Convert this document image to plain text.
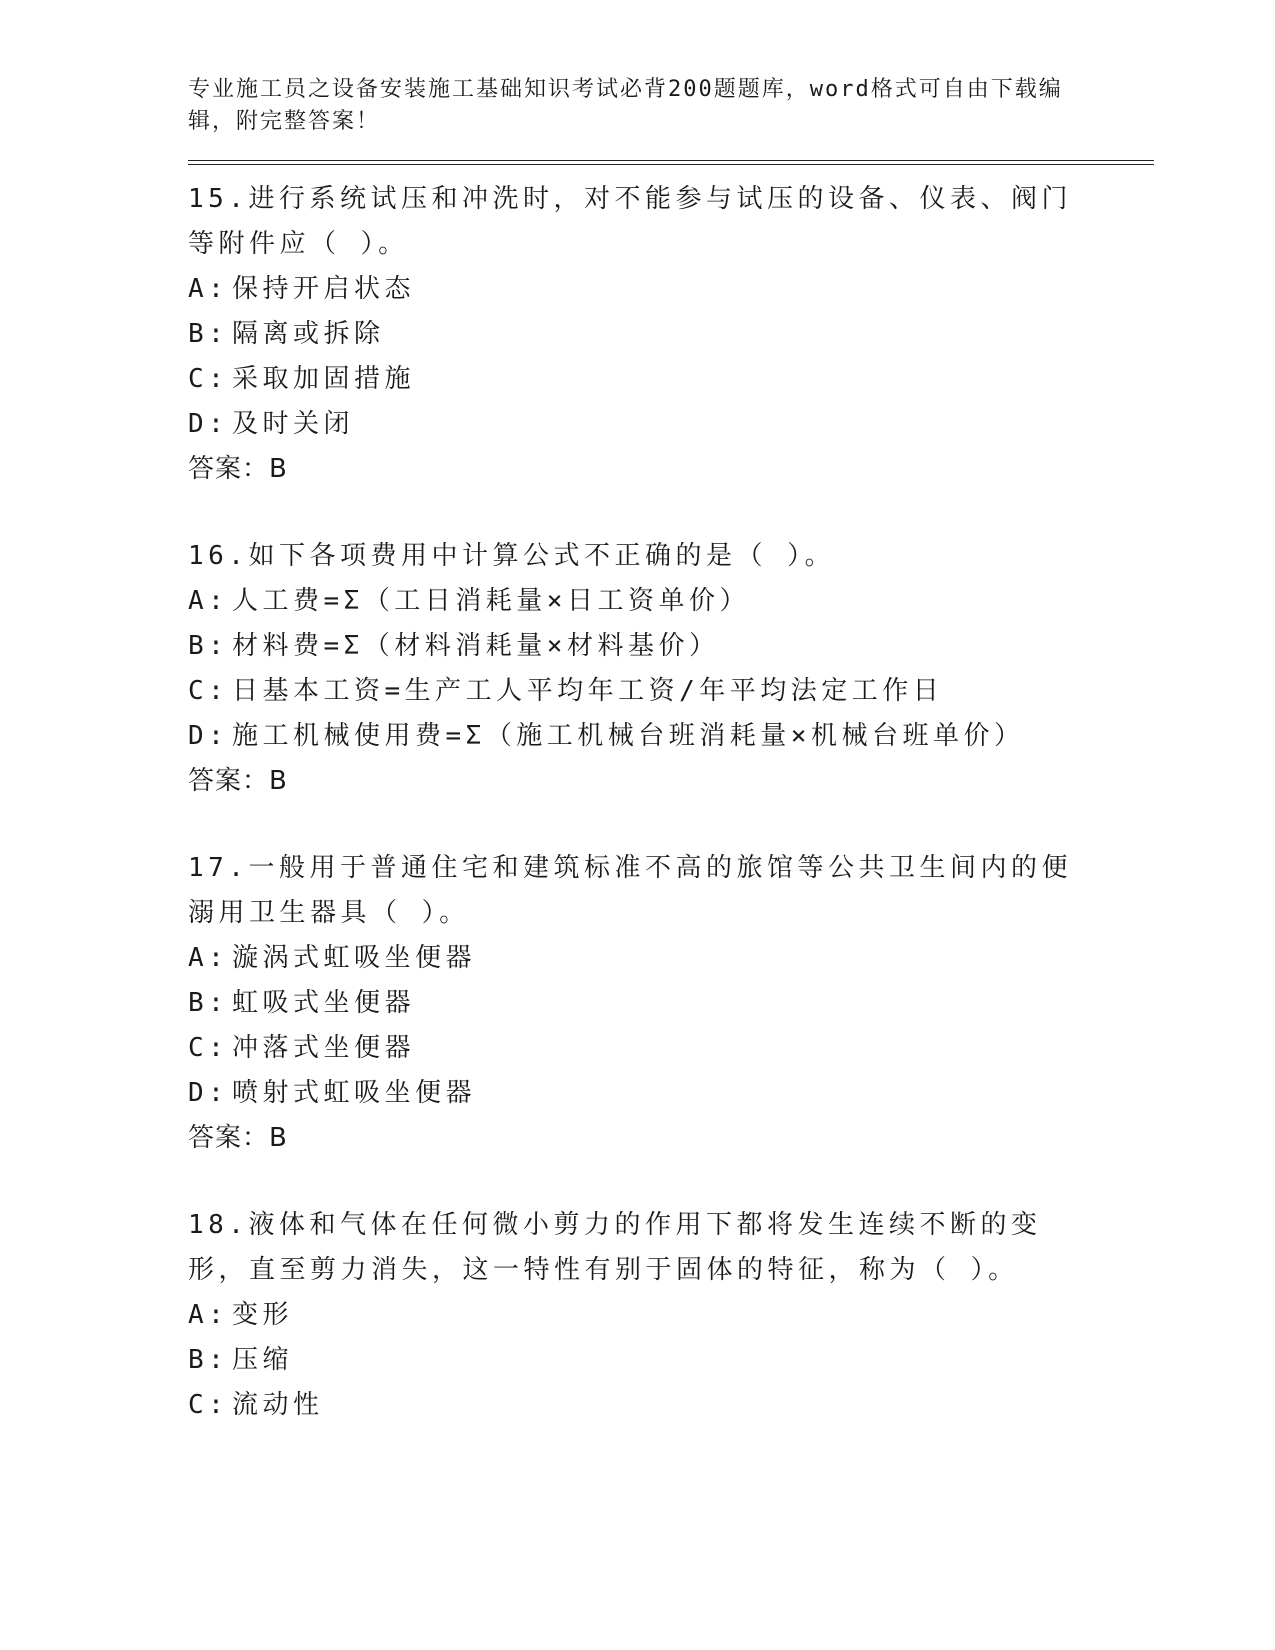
专业施工员之设备安装施工基础知识考试必背200题题库，word格式可自由下载编辑，附完整答案！

15.进行系统试压和冲洗时，对不能参与试压的设备、仪表、阀门等附件应（ ）。

A: 保持开启状态

B: 隔离或拆除

C: 采取加固措施

D: 及时关闭

答案：B

16.如下各项费用中计算公式不正确的是（ ）。

A: 人工费=Σ（工日消耗量×日工资单价）

B: 材料费=Σ（材料消耗量×材料基价）

C: 日基本工资=生产工人平均年工资/年平均法定工作日

D: 施工机械使用费=Σ（施工机械台班消耗量×机械台班单价）

答案：B

17.一般用于普通住宅和建筑标准不高的旅馆等公共卫生间内的便溺用卫生器具（ ）。

A: 漩涡式虹吸坐便器

B: 虹吸式坐便器

C: 冲落式坐便器

D: 喷射式虹吸坐便器

答案：B

18.液体和气体在任何微小剪力的作用下都将发生连续不断的变形，直至剪力消失，这一特性有别于固体的特征，称为（ ）。

A: 变形

B: 压缩

C: 流动性
